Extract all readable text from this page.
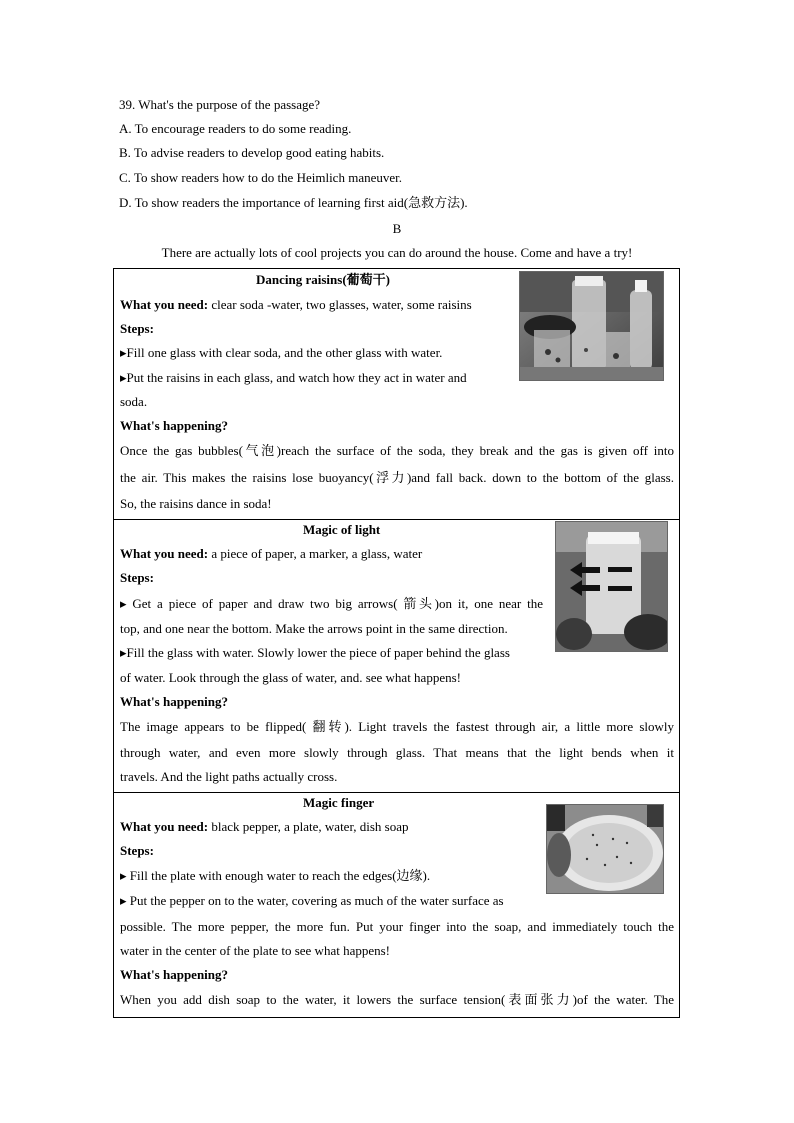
39. What's the purpose of the passage?
A. To encourage readers to do some reading.
B. To advise readers to develop good eating habits.
C. To show readers how to do the Heimlich maneuver.
D. To show readers the importance of learning first aid(急救方法).
B
There are actually lots of cool projects you can do around the house. Come and have a try!
Dancing raisins(葡萄干)
What you need: clear soda -water, two glasses, water, some raisins
Steps:
▸Fill one glass with clear soda, and the other glass with water.
▸Put the raisins in each glass, and watch how they act in water and
soda.
What's happening?
Once the gas bubbles(气泡)reach the surface of the soda, they break and the gas is given off into
the air. This makes the raisins lose buoyancy(浮力)and fall back. down to the bottom of the glass.
So, the raisins dance in soda!
Magic of light
What you need: a piece of paper, a marker, a glass, water
Steps:
▸ Get a piece of paper and draw two big arrows( 箭头)on it, one near the
top, and one near the bottom. Make the arrows point in the same direction.
▸Fill the glass with water. Slowly lower the piece of paper behind the glass
of water. Look through the glass of water, and. see what happens!
What's happening?
The image appears to be flipped( 翻转). Light travels the fastest through air, a little more slowly
through water, and even more slowly through glass. That means that the light bends when it
travels. And the light paths actually cross.
Magic finger
What you need: black pepper, a plate, water, dish soap
Steps:
▸ Fill the plate with enough water to reach the edges(边缘).
▸ Put the pepper on to the water, covering as much of the water surface as
possible. The more pepper, the more fun. Put your finger into the soap, and immediately touch the
water in the center of the plate to see what happens!
What's happening?
When you add dish soap to the water, it lowers the surface tension(表面张力)of the water. The
